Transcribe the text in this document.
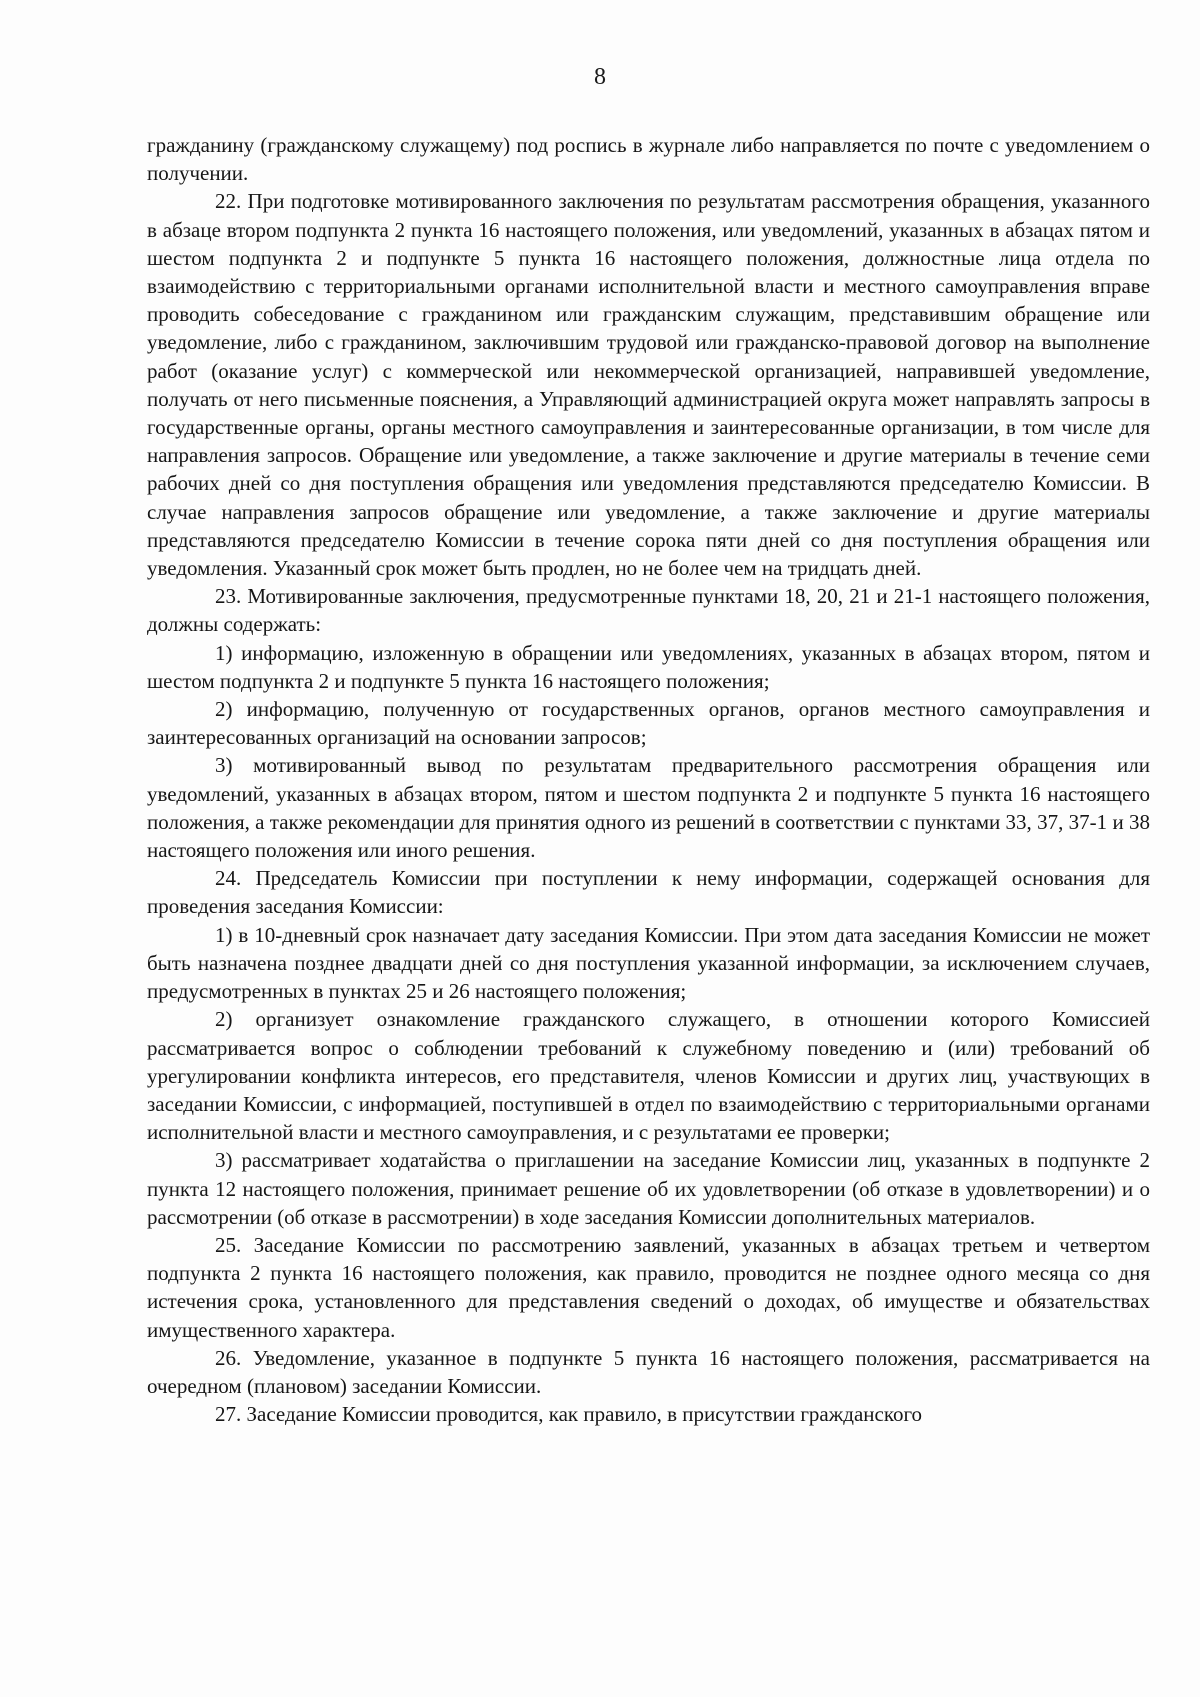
8

гражданину (гражданскому служащему) под роспись в журнале либо направляется по почте с уведомлением о получении.

22. При подготовке мотивированного заключения по результатам рассмотрения обращения, указанного в абзаце втором подпункта 2 пункта 16 настоящего положения, или уведомлений, указанных в абзацах пятом и шестом подпункта 2 и подпункте 5 пункта 16 настоящего положения, должностные лица отдела по взаимодействию с территориальными органами исполнительной власти и местного самоуправления вправе проводить собеседование с гражданином или гражданским служащим, представившим обращение или уведомление, либо с гражданином, заключившим трудовой или гражданско-правовой договор на выполнение работ (оказание услуг) с коммерческой или некоммерческой организацией, направившей уведомление, получать от него письменные пояснения, а Управляющий администрацией округа может направлять запросы в государственные органы, органы местного самоуправления и заинтересованные организации, в том числе для направления запросов. Обращение или уведомление, а также заключение и другие материалы в течение семи рабочих дней со дня поступления обращения или уведомления представляются председателю Комиссии. В случае направления запросов обращение или уведомление, а также заключение и другие материалы представляются председателю Комиссии в течение сорока пяти дней со дня поступления обращения или уведомления. Указанный срок может быть продлен, но не более чем на тридцать дней.

23. Мотивированные заключения, предусмотренные пунктами 18, 20, 21 и 21-1 настоящего положения, должны содержать:

1) информацию, изложенную в обращении или уведомлениях, указанных в абзацах втором, пятом и шестом подпункта 2 и подпункте 5 пункта 16 настоящего положения;

2) информацию, полученную от государственных органов, органов местного самоуправления и заинтересованных организаций на основании запросов;

3) мотивированный вывод по результатам предварительного рассмотрения обращения или уведомлений, указанных в абзацах втором, пятом и шестом подпункта 2 и подпункте 5 пункта 16 настоящего положения, а также рекомендации для принятия одного из решений в соответствии с пунктами 33, 37, 37-1 и 38 настоящего положения или иного решения.

24. Председатель Комиссии при поступлении к нему информации, содержащей основания для проведения заседания Комиссии:

1) в 10-дневный срок назначает дату заседания Комиссии. При этом дата заседания Комиссии не может быть назначена позднее двадцати дней со дня поступления указанной информации, за исключением случаев, предусмотренных в пунктах 25 и 26 настоящего положения;

2) организует ознакомление гражданского служащего, в отношении которого Комиссией рассматривается вопрос о соблюдении требований к служебному поведению и (или) требований об урегулировании конфликта интересов, его представителя, членов Комиссии и других лиц, участвующих в заседании Комиссии, с информацией, поступившей в отдел по взаимодействию с территориальными органами исполнительной власти и местного самоуправления, и с результатами ее проверки;

3) рассматривает ходатайства о приглашении на заседание Комиссии лиц, указанных в подпункте 2 пункта 12 настоящего положения, принимает решение об их удовлетворении (об отказе в удовлетворении) и о рассмотрении (об отказе в рассмотрении) в ходе заседания Комиссии дополнительных материалов.

25. Заседание Комиссии по рассмотрению заявлений, указанных в абзацах третьем и четвертом подпункта 2 пункта 16 настоящего положения, как правило, проводится не позднее одного месяца со дня истечения срока, установленного для представления сведений о доходах, об имуществе и обязательствах имущественного характера.

26. Уведомление, указанное в подпункте 5 пункта 16 настоящего положения, рассматривается на очередном (плановом) заседании Комиссии.

27. Заседание Комиссии проводится, как правило, в присутствии гражданского
